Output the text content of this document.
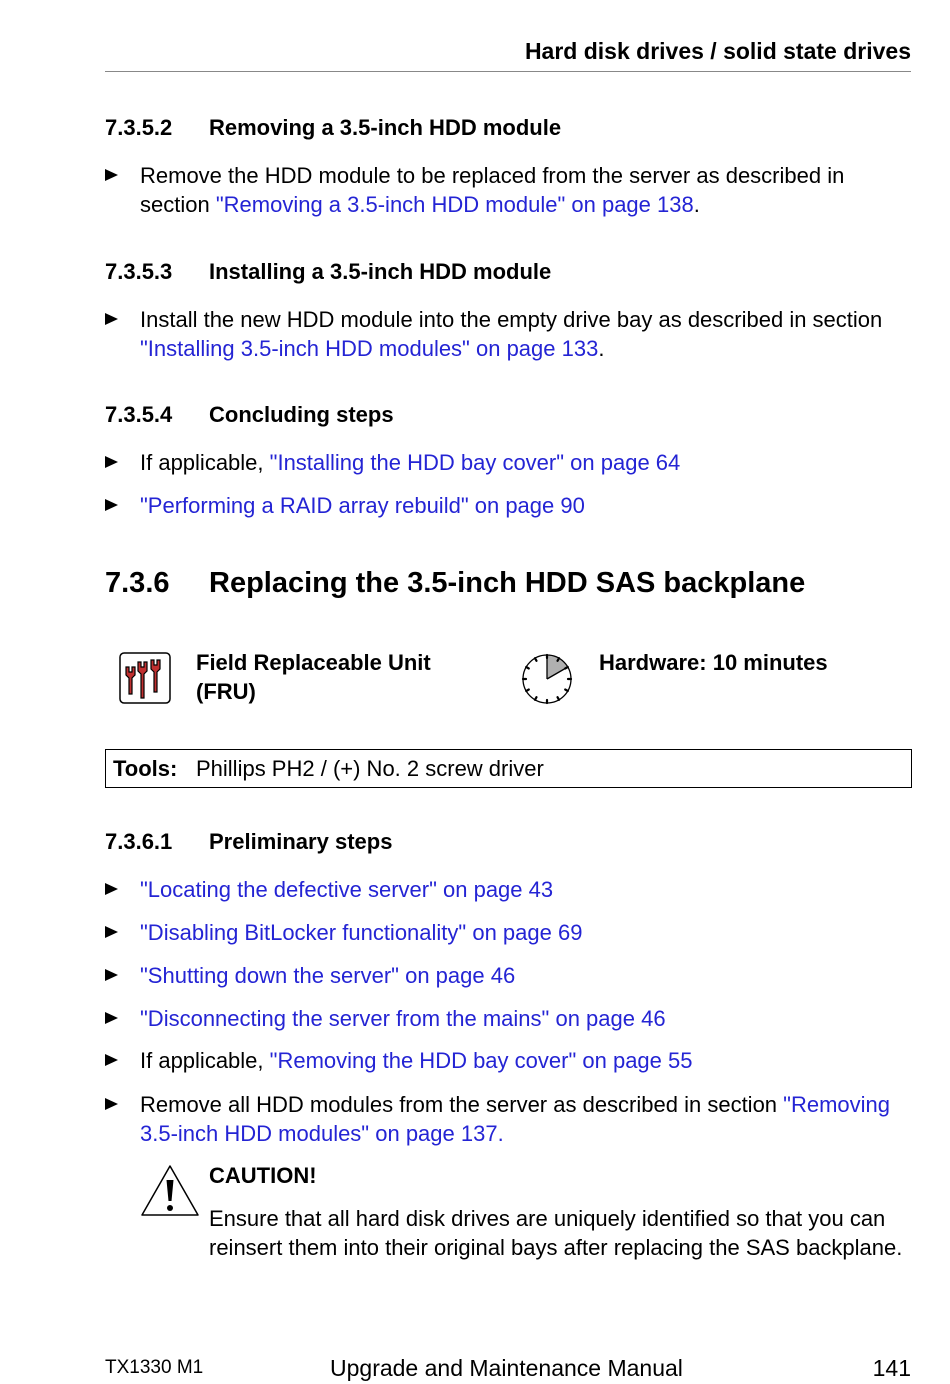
Hard disk drives / solid state drives
7.3.5.2 Removing a 3.5-inch HDD module
Remove the HDD module to be replaced from the server as described in section "Removing a 3.5-inch HDD module" on page 138.
7.3.5.3 Installing a 3.5-inch HDD module
Install the new HDD module into the empty drive bay as described in section "Installing 3.5-inch HDD modules" on page 133.
7.3.5.4 Concluding steps
If applicable, "Installing the HDD bay cover" on page 64
"Performing a RAID array rebuild" on page 90
7.3.6 Replacing the 3.5-inch HDD SAS backplane
Field Replaceable Unit
(FRU)
Hardware: 10 minutes
Tools: Phillips PH2 / (+) No. 2 screw driver
7.3.6.1 Preliminary steps
"Locating the defective server" on page 43
"Disabling BitLocker functionality" on page 69
"Shutting down the server" on page 46
"Disconnecting the server from the mains" on page 46
If applicable, "Removing the HDD bay cover" on page 55
Remove all HDD modules from the server as described in section "Removing 3.5-inch HDD modules" on page 137.
CAUTION!
Ensure that all hard disk drives are uniquely identified so that you can reinsert them into their original bays after replacing the SAS backplane.
TX1330 M1	Upgrade and Maintenance Manual	141
